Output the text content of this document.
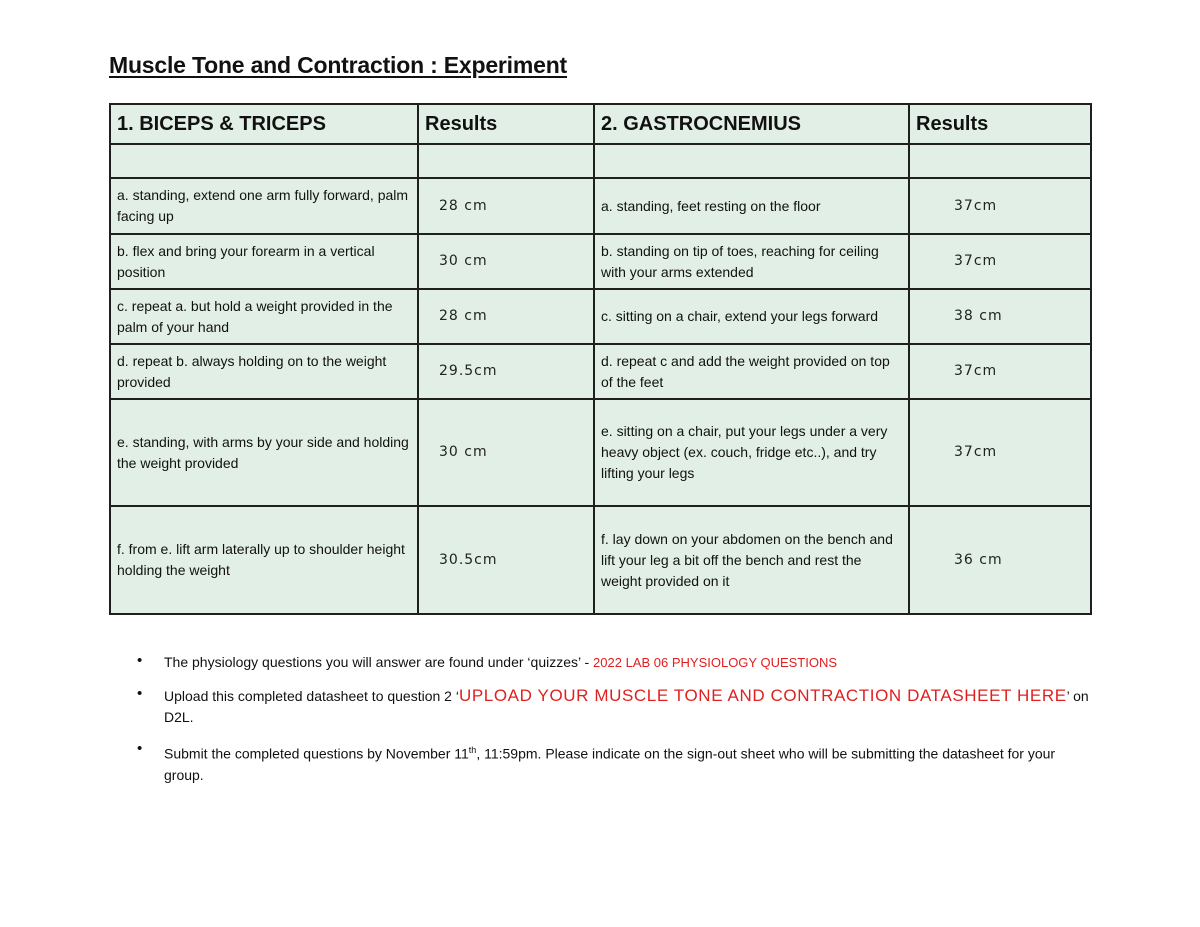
Muscle Tone and Contraction : Experiment
1. BICEPS & TRICEPS	Results	2. GASTROCNEMIUS	Results

a. standing, extend one arm fully forward, palm facing up	28 cm	a. standing, feet resting on the floor	37cm
b. flex and bring your forearm in a vertical position	30 cm	b. standing on tip of toes, reaching for ceiling with your arms extended	37cm
c. repeat a. but hold a weight provided in the palm of your hand	28 cm	c. sitting on a chair, extend your legs forward	38 cm
d. repeat b. always holding on to the weight provided	29.5cm	d. repeat c and add the weight provided on top of the feet	37cm
e. standing, with arms by your side and holding the weight provided	30 cm	e. sitting on a chair, put your legs under a very heavy object (ex. couch, fridge etc..), and try lifting your legs	37cm
f. from e. lift arm laterally up to shoulder height holding the weight	30.5cm	f. lay down on your abdomen on the bench and lift your leg a bit off the bench and rest the weight provided on it	36 cm
• The physiology questions you will answer are found under ‘quizzes’ - 2022 LAB 06 PHYSIOLOGY QUESTIONS
• Upload this completed datasheet to question 2 ‘UPLOAD YOUR MUSCLE TONE AND CONTRACTION DATASHEET HERE’ on D2L.
• Submit the completed questions by November 11th, 11:59pm. Please indicate on the sign-out sheet who will be submitting the datasheet for your group.
